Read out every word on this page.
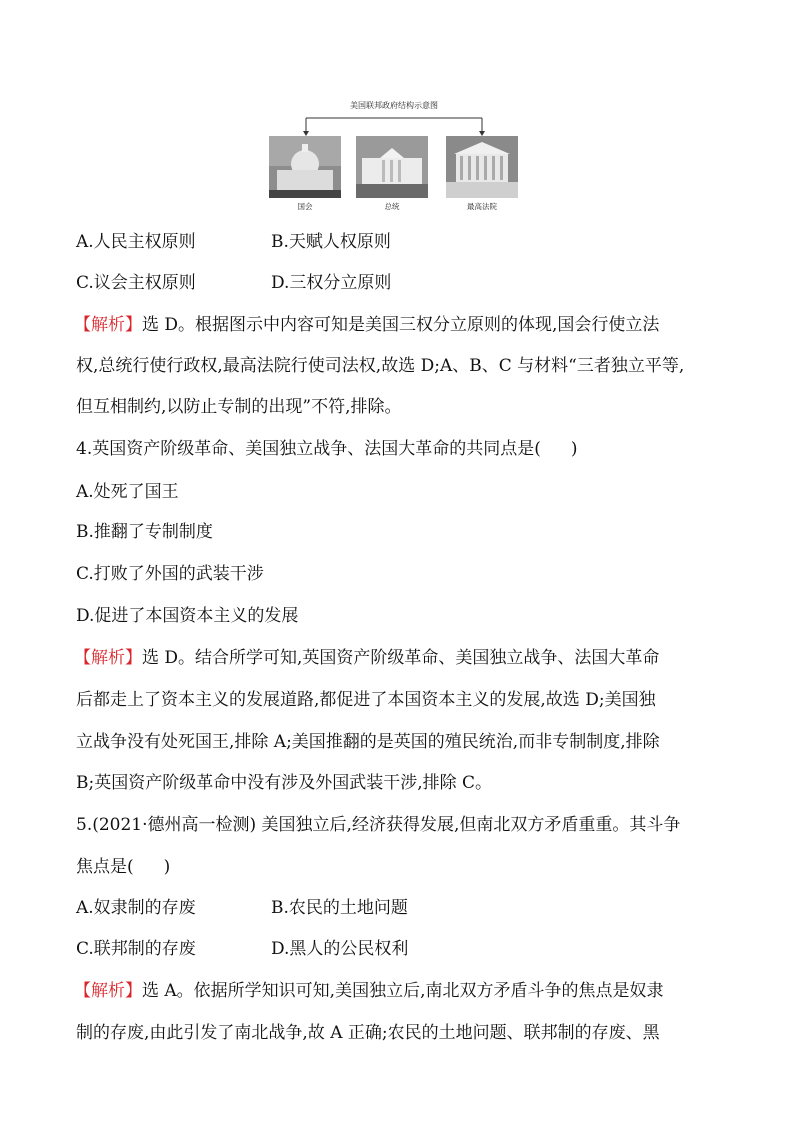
美国联邦政府结构示意图
国会	总统	最高法院
A.人民主权原则	B.天赋人权原则
C.议会主权原则	D.三权分立原则
【解析】选 D。根据图示中内容可知是美国三权分立原则的体现,国会行使立法
权,总统行使行政权,最高法院行使司法权,故选 D;A、B、C 与材料“三者独立平等,
但互相制约,以防止专制的出现”不符,排除。
4.英国资产阶级革命、美国独立战争、法国大革命的共同点是( )
A.处死了国王
B.推翻了专制制度
C.打败了外国的武装干涉
D.促进了本国资本主义的发展
【解析】选 D。结合所学可知,英国资产阶级革命、美国独立战争、法国大革命
后都走上了资本主义的发展道路,都促进了本国资本主义的发展,故选 D;美国独
立战争没有处死国王,排除 A;美国推翻的是英国的殖民统治,而非专制制度,排除
B;英国资产阶级革命中没有涉及外国武装干涉,排除 C。
5.(2021·德州高一检测) 美国独立后,经济获得发展,但南北双方矛盾重重。其斗争
焦点是( )
A.奴隶制的存废	B.农民的土地问题
C.联邦制的存废	D.黑人的公民权利
【解析】选 A。依据所学知识可知,美国独立后,南北双方矛盾斗争的焦点是奴隶
制的存废,由此引发了南北战争,故 A 正确;农民的土地问题、联邦制的存废、黑
